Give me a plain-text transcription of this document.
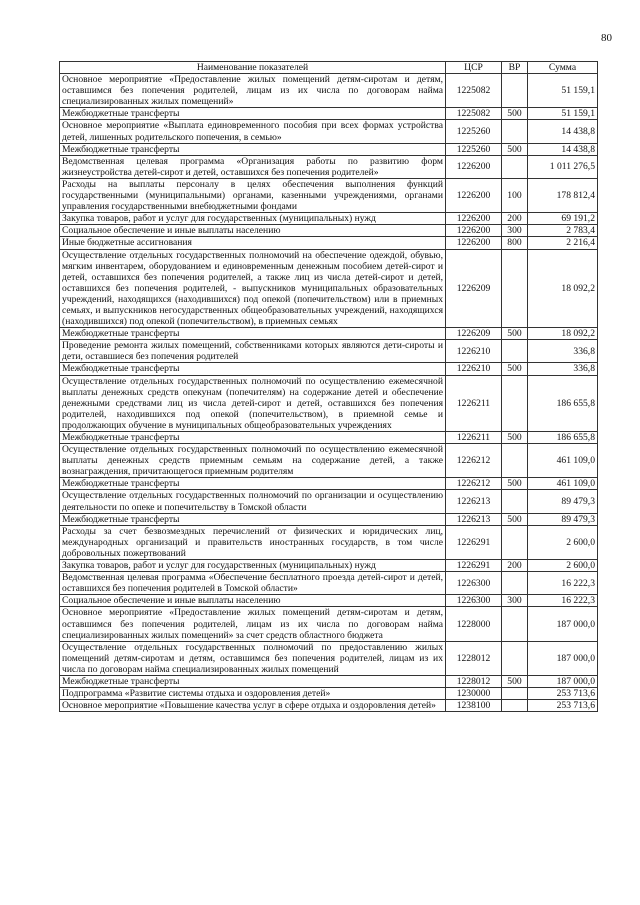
80
Наименование показателей	ЦСР	ВР	Сумма
Основное мероприятие «Предоставление жилых помещений детям-сиротам и детям, оставшимся без попечения родителей, лицам из их числа по договорам найма специализированных жилых помещений»	1225082		51 159,1
Межбюджетные трансферты	1225082	500	51 159,1
Основное мероприятие «Выплата единовременного пособия при всех формах устройства детей, лишенных родительского попечения, в семью»	1225260		14 438,8
Межбюджетные трансферты	1225260	500	14 438,8
Ведомственная целевая программа «Организация работы по развитию форм жизнеустройства детей-сирот и детей, оставшихся без попечения родителей»	1226200		1 011 276,5
Расходы на выплаты персоналу в целях обеспечения выполнения функций государственными (муниципальными) органами, казенными учреждениями, органами управления государственными внебюджетными фондами	1226200	100	178 812,4
Закупка товаров, работ и услуг для государственных (муниципальных) нужд	1226200	200	69 191,2
Социальное обеспечение и иные выплаты населению	1226200	300	2 783,4
Иные бюджетные ассигнования	1226200	800	2 216,4
Осуществление отдельных государственных полномочий на обеспечение одеждой, обувью, мягким инвентарем, оборудованием и единовременным денежным пособием детей-сирот и детей, оставшихся без попечения родителей, а также лиц из числа детей-сирот и детей, оставшихся без попечения родителей, - выпускников муниципальных образовательных учреждений, находящихся (находившихся) под опекой (попечительством) или в приемных семьях, и выпускников негосударственных общеобразовательных учреждений, находящихся (находившихся) под опекой (попечительством), в приемных семьях	1226209		18 092,2
Межбюджетные трансферты	1226209	500	18 092,2
Проведение ремонта жилых помещений, собственниками которых являются дети-сироты и дети, оставшиеся без попечения родителей	1226210		336,8
Межбюджетные трансферты	1226210	500	336,8
Осуществление отдельных государственных полномочий по осуществлению ежемесячной выплаты денежных средств опекунам (попечителям) на содержание детей и обеспечение денежными средствами лиц из числа детей-сирот и детей, оставшихся без попечения родителей, находившихся под опекой (попечительством), в приемной семье и продолжающих обучение в муниципальных общеобразовательных учреждениях	1226211		186 655,8
Межбюджетные трансферты	1226211	500	186 655,8
Осуществление отдельных государственных полномочий по осуществлению ежемесячной выплаты денежных средств приемным семьям на содержание детей, а также вознаграждения, причитающегося приемным родителям	1226212		461 109,0
Межбюджетные трансферты	1226212	500	461 109,0
Осуществление отдельных государственных полномочий по организации и осуществлению деятельности по опеке и попечительству в Томской области	1226213		89 479,3
Межбюджетные трансферты	1226213	500	89 479,3
Расходы за счет безвозмездных перечислений от физических и юридических лиц, международных организаций и правительств иностранных государств, в том числе добровольных пожертвований	1226291		2 600,0
Закупка товаров, работ и услуг для государственных (муниципальных) нужд	1226291	200	2 600,0
Ведомственная целевая программа «Обеспечение бесплатного проезда детей-сирот и детей, оставшихся без попечения родителей в Томской области»	1226300		16 222,3
Социальное обеспечение и иные выплаты населению	1226300	300	16 222,3
Основное мероприятие «Предоставление жилых помещений детям-сиротам и детям, оставшимся без попечения родителей, лицам из их числа по договорам найма специализированных жилых помещений» за счет средств областного бюджета	1228000		187 000,0
Осуществление отдельных государственных полномочий по предоставлению жилых помещений детям-сиротам и детям, оставшимся без попечения родителей, лицам из их числа по договорам найма специализированных жилых помещений	1228012		187 000,0
Межбюджетные трансферты	1228012	500	187 000,0
Подпрограмма «Развитие системы отдыха и оздоровления детей»	1230000		253 713,6
Основное мероприятие «Повышение качества услуг в сфере отдыха и оздоровления детей»	1238100		253 713,6
